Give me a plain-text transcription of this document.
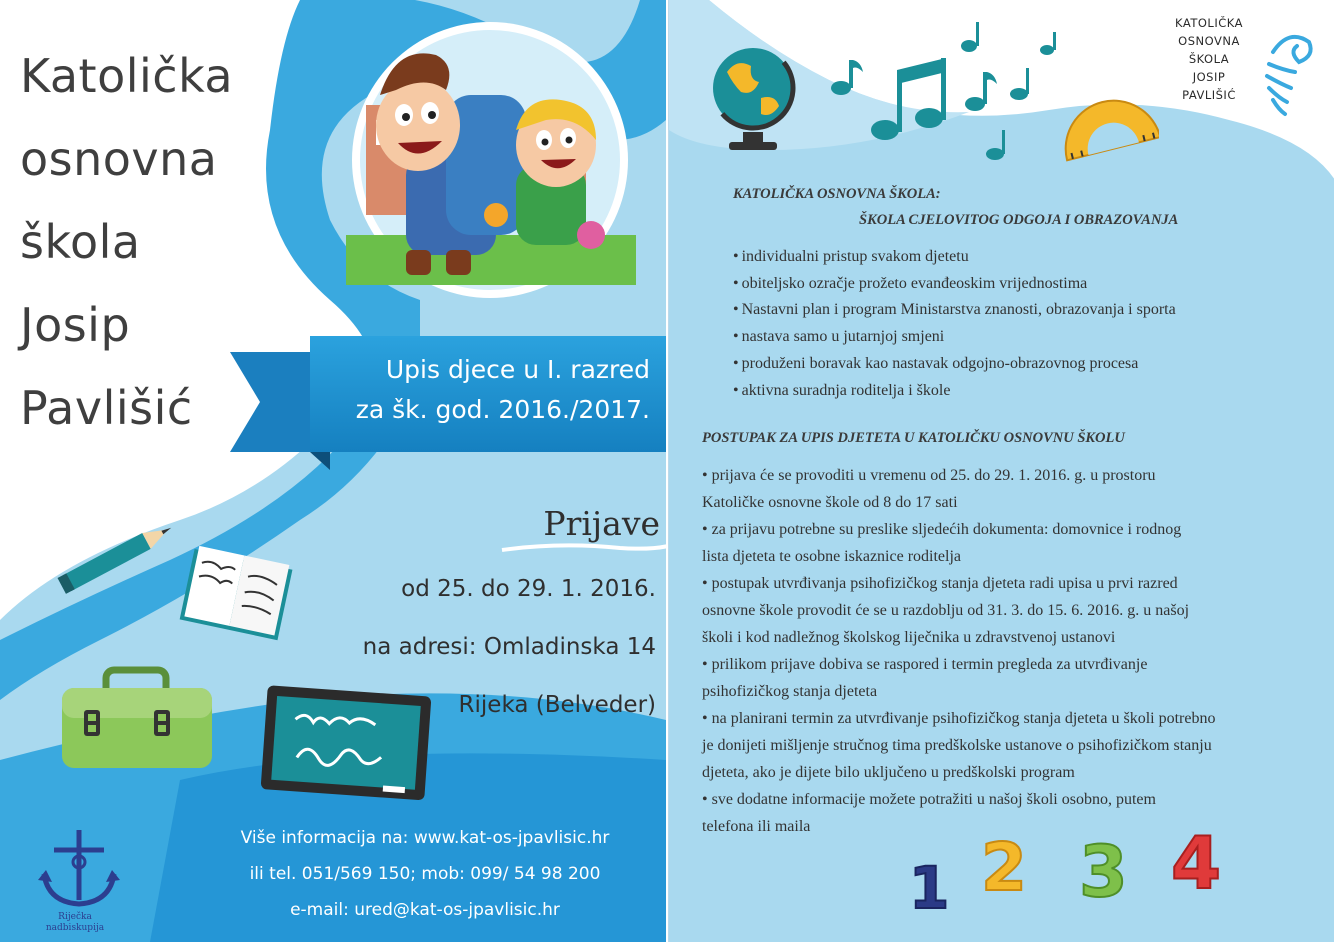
Katolička
osnovna
škola
Josip
Pavlišić
Upis djece u I. razred
za šk. god. 2016./2017.
Prijave
od 25. do 29. 1. 2016.
na adresi: Omladinska 14
Rijeka (Belveder)
Više informacija na: www.kat-os-jpavlisic.hr
ili tel. 051/569 150; mob: 099/ 54 98 200
e-mail: ured@kat-os-jpavlisic.hr
Riječka
nadbiskupija
KATOLIČKA
OSNOVNA
ŠKOLA
JOSIP
PAVLIŠIĆ
KATOLIČKA OSNOVNA ŠKOLA:
ŠKOLA CJELOVITOG ODGOJA I OBRAZOVANJA
• individualni pristup svakom djetetu
• obiteljsko ozračje prožeto evanđeoskim vrijednostima
• Nastavni plan i program Ministarstva znanosti, obrazovanja i sporta
• nastava samo u jutarnjoj smjeni
• produženi boravak kao nastavak odgojno-obrazovnog procesa
• aktivna suradnja roditelja i škole
POSTUPAK ZA UPIS DJETETA U KATOLIČKU OSNOVNU ŠKOLU
• prijava će se provoditi u vremenu od 25. do 29. 1. 2016. g. u prostoru
Katoličke osnovne škole od 8 do 17 sati
• za prijavu potrebne su preslike sljedećih dokumenta: domovnice i rodnog
lista djeteta te osobne iskaznice roditelja
• postupak utvrđivanja psihofizičkog stanja djeteta radi upisa u prvi razred
osnovne škole provodit će se u razdoblju od 31. 3. do 15. 6. 2016. g. u našoj
školi i kod nadležnog školskog liječnika u zdravstvenoj ustanovi
• prilikom prijave dobiva se raspored i termin pregleda za utvrđivanje
psihofizičkog stanja djeteta
• na planirani termin za utvrđivanje psihofizičkog stanja djeteta u školi potrebno
je donijeti mišljenje stručnog tima predškolske ustanove o psihofizičkom stanju
djeteta, ako je dijete bilo uključeno u predškolski program
• sve dodatne informacije možete potražiti u našoj školi osobno, putem
telefona ili maila
1 2 3 4
